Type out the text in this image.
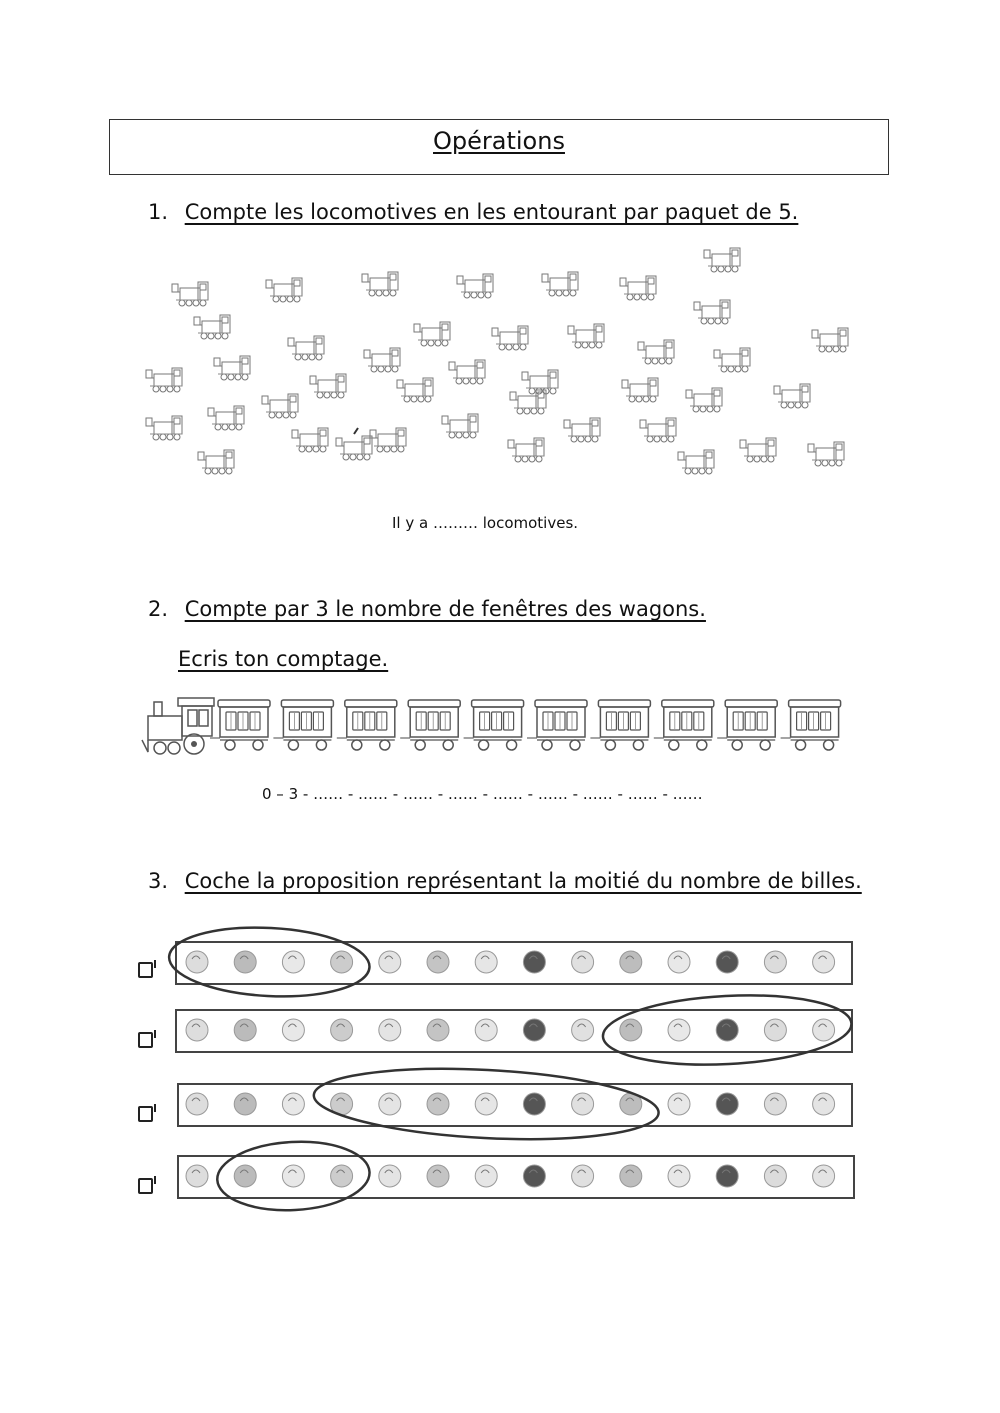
Opérations
1. Compte les locomotives en les entourant par paquet de 5.
Il y a ……… locomotives.
2. Compte par 3 le nombre de fenêtres des wagons.
Ecris ton comptage.
0 – 3 - …… - …… - …… - …… - …… - …… - …… - …… - ……
3. Coche la proposition représentant la moitié du nombre de billes.
